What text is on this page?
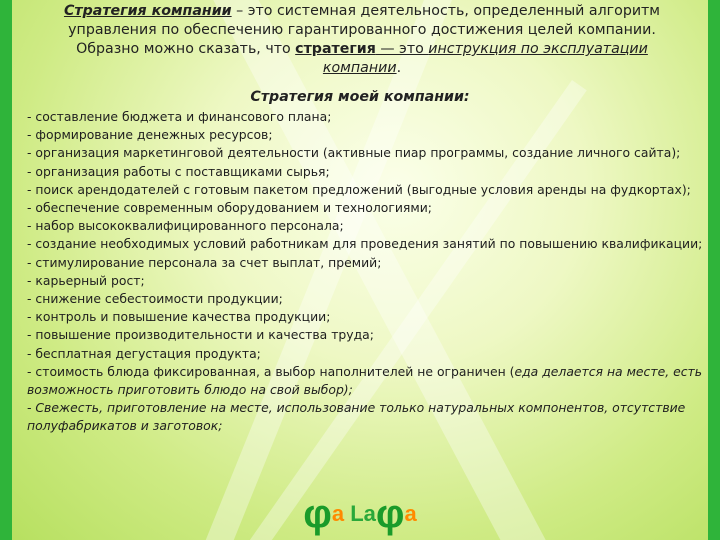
Стратегия компании – это системная деятельность, определенный алгоритм управления по обеспечению гарантированного достижения целей компании.
Образно можно сказать, что стратегия — это инструкция по эксплуатации компании.

Стратегия моей компании:

- составление бюджета и финансового плана;
- формирование денежных ресурсов;
- организация маркетинговой деятельности (активные пиар программы, создание личного сайта);
- организация работы с поставщиками сырья;
- поиск арендодателей с готовым пакетом предложений (выгодные условия аренды на фудкортах);
- обеспечение современным оборудованием и технологиями;
- набор высококвалифицированного персонала;
- создание необходимых условий работникам для проведения занятий по повышению квалификации;
- стимулирование персонала за счет выплат, премий;
- карьерный рост;
- снижение себестоимости продукции;
- контроль и повышение качества продукции;
- повышение производительности и качества труда;
- бесплатная дегустация продукта;
- стоимость блюда фиксированная, а выбор наполнителей не ограничен (еда делается на месте, есть возможность приготовить блюдо на свой выбор);
- Свежесть, приготовление на месте, использование только натуральных компонентов, отсутствие полуфабрикатов и заготовок;
φa Laφa
